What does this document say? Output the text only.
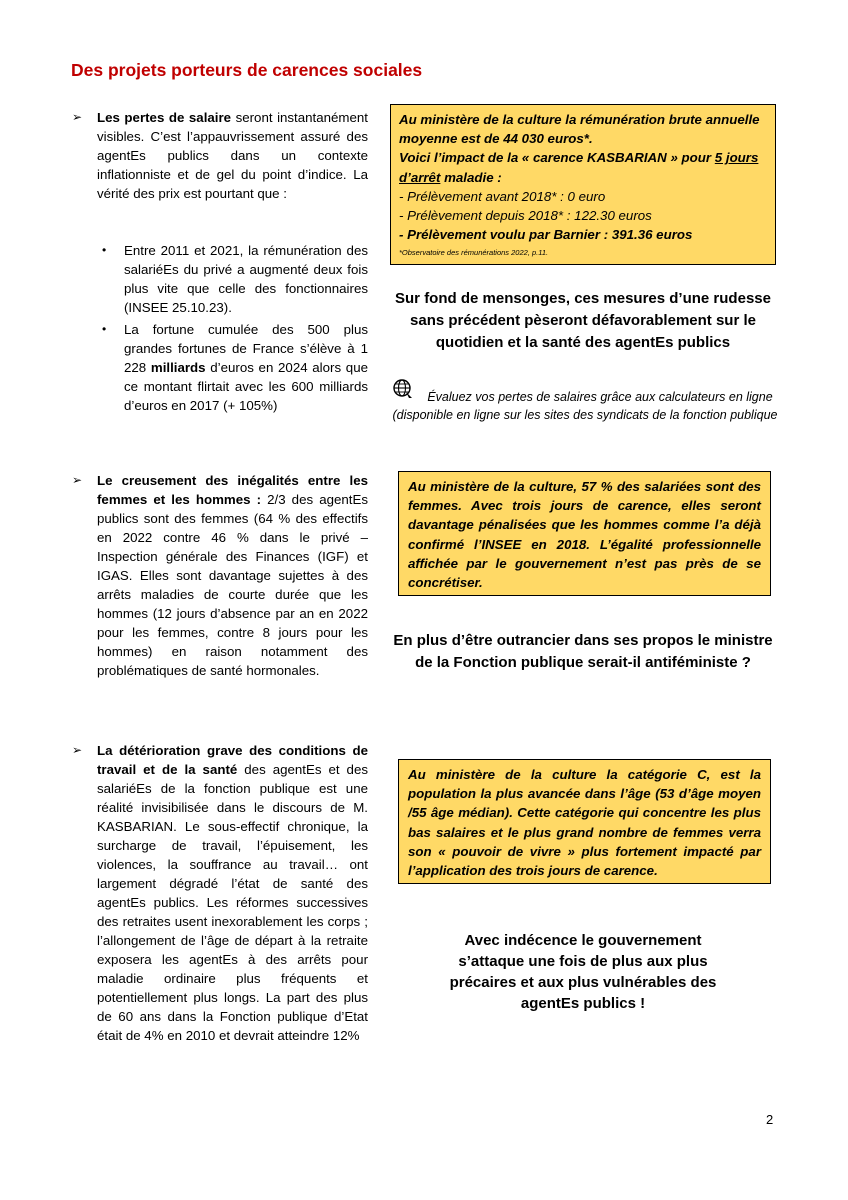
Des projets porteurs de carences sociales
➢ Les pertes de salaire seront instantanément visibles. C’est l’appauvrissement assuré des agentEs publics dans un contexte inflationniste et de gel du point d’indice. La vérité des prix est pourtant que :
• Entre 2011 et 2021, la rémunération des salariéEs du privé a augmenté deux fois plus vite que celle des fonctionnaires (INSEE 25.10.23).
• La fortune cumulée des 500 plus grandes fortunes de France s’élève à 1 228 milliards d’euros en 2024 alors que ce montant flirtait avec les 600 milliards d’euros en 2017 (+ 105%)

Au ministère de la culture la rémunération brute annuelle moyenne est de 44 030 euros*.

Voici l’impact de la « carence KASBARIAN » pour 5 jours d’arrêt maladie :

- Prélèvement avant 2018* : 0 euro

- Prélèvement depuis 2018* : 122.30 euros

- Prélèvement voulu par Barnier : 391.36 euros

*Observatoire des rémunérations 2022, p.11.

Sur fond de mensonges, ces mesures d’une rudesse sans précédent pèseront défavorablement sur le quotidien et la santé des agentEs publics
Évaluez vos pertes de salaires grâce aux calculateurs en ligne
(disponible en ligne sur les sites des syndicats de la fonction publique
➢ Le creusement des inégalités entre les femmes et les hommes : 2/3 des agentEs publics sont des femmes (64 % des effectifs en 2022 contre 46 % dans le privé – Inspection générale des Finances (IGF) et IGAS. Elles sont davantage sujettes à des arrêts maladies de courte durée que les hommes (12 jours d’absence par an en 2022 pour les femmes, contre 8 jours pour les hommes) en raison notamment des problématiques de santé hormonales.

Au ministère de la culture, 57 % des salariées sont des femmes. Avec trois jours de carence, elles seront davantage pénalisées que les hommes comme l’a déjà confirmé l’INSEE en 2018. L’égalité professionnelle affichée par le gouvernement n’est pas près de se concrétiser.

En plus d’être outrancier dans ses propos le ministre de la Fonction publique serait-il antiféministe ?
➢ La détérioration grave des conditions de travail et de la santé des agentEs et des salariéEs de la fonction publique est une réalité invisibilisée dans le discours de M. KASBARIAN. Le sous-effectif chronique, la surcharge de travail, l’épuisement, les violences, la souffrance au travail… ont largement dégradé l’état de santé des agentEs publics. Les réformes successives des retraites usent inexorablement les corps ; l’allongement de l’âge de départ à la retraite exposera les agentEs à des arrêts pour maladie ordinaire plus fréquents et potentiellement plus longs. La part des plus de 60 ans dans la Fonction publique d’Etat était de 4% en 2010 et devrait atteindre 12%

Au ministère de la culture la catégorie C, est la population la plus avancée dans l’âge (53 d’âge moyen /55 âge médian). Cette catégorie qui concentre les plus bas salaires et le plus grand nombre de femmes verra son « pouvoir de vivre » plus fortement impacté par l’application des trois jours de carence.

Avec indécence le gouvernement s’attaque une fois de plus aux plus précaires et aux plus vulnérables des agentEs publics !
2
